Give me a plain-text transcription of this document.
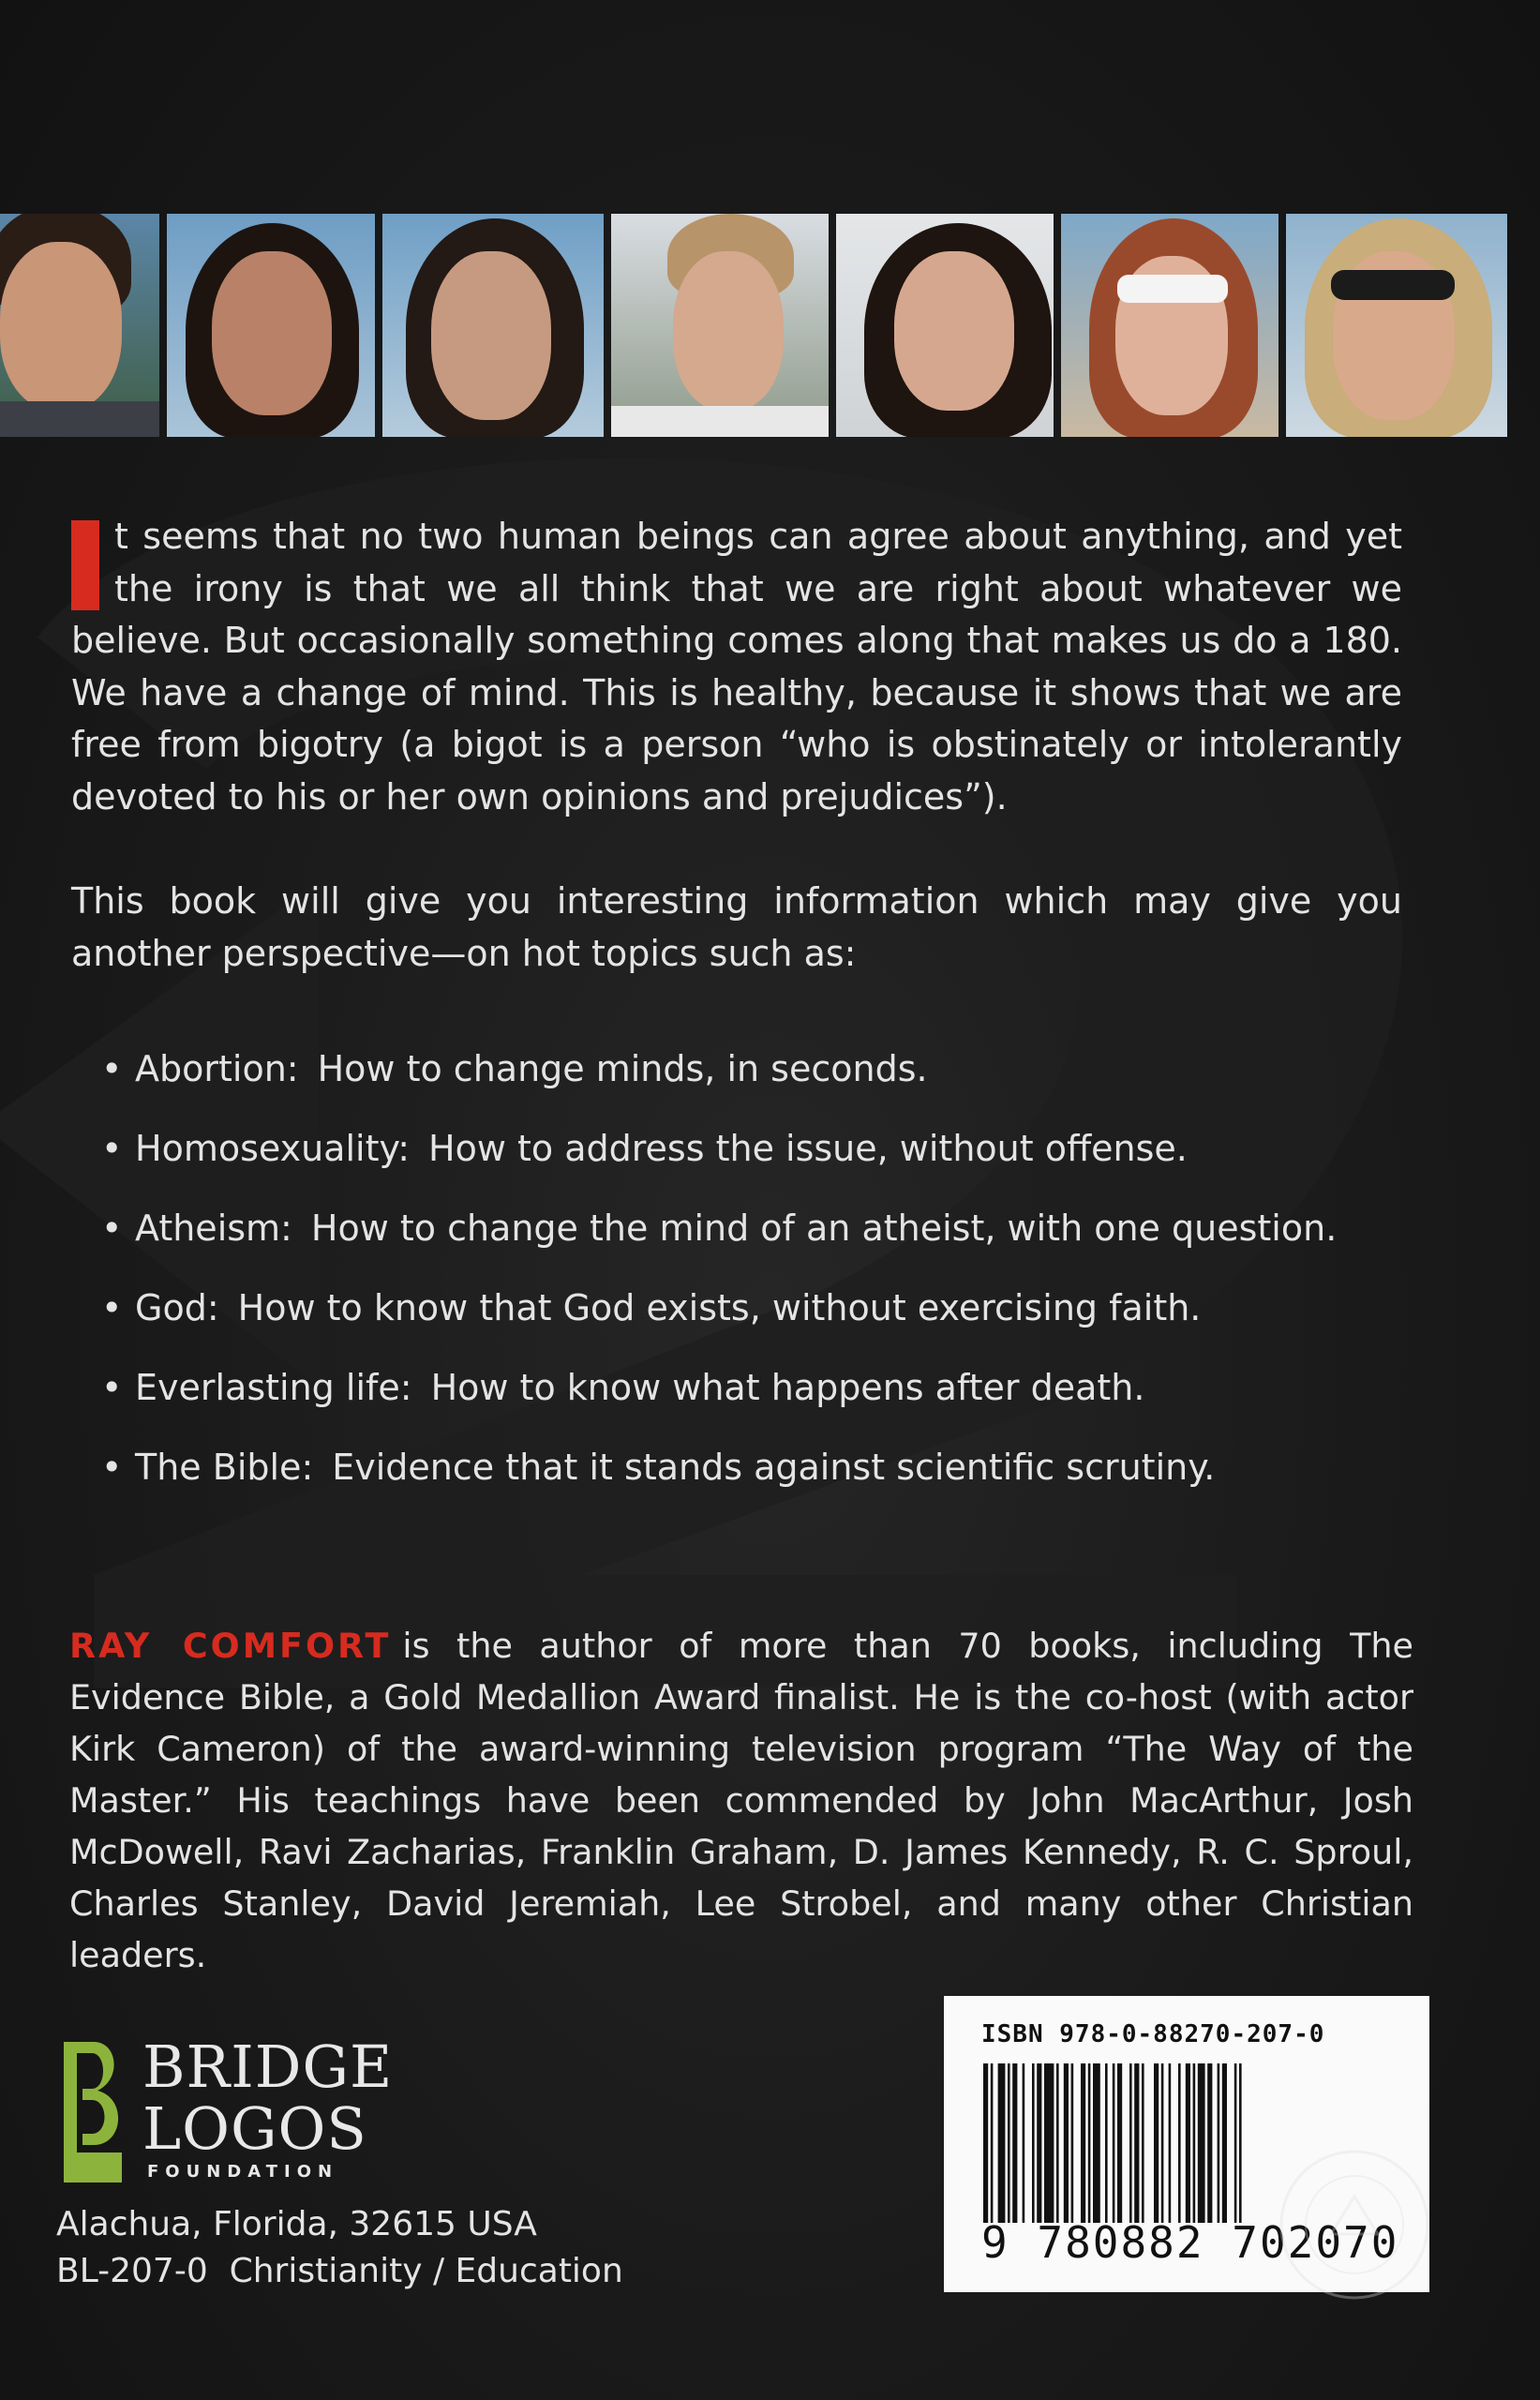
t seems that no two human beings can agree about anything, and yet the irony is that we all think that we are right about whatever we believe. But occasionally something comes along that makes us do a 180. We have a change of mind. This is healthy, because it shows that we are free from bigotry (a bigot is a person “who is obstinately or intolerantly devoted to his or her own opinions and prejudices”).

This book will give you interesting information which may give you another perspective—on hot topics such as:

• Abortion: How to change minds, in seconds.
• Homosexuality: How to address the issue, without offense.
• Atheism: How to change the mind of an atheist, with one question.
• God: How to know that God exists, without exercising faith.
• Everlasting life: How to know what happens after death.
• The Bible: Evidence that it stands against scientific scrutiny.
RAY COMFORT is the author of more than 70 books, including The Evidence Bible, a Gold Medallion Award finalist. He is the co-host (with actor Kirk Cameron) of the award-winning television program “The Way of the Master.” His teachings have been commended by John MacArthur, Josh McDowell, Ravi Zacharias, Franklin Graham, D. James Kennedy, R. C. Sproul, Charles Stanley, David Jeremiah, Lee Strobel, and many other Christian leaders.
BRIDGE
LOGOS
FOUNDATION
Alachua, Florida, 32615 USA
BL-207-0  Christianity / Education
ISBN 978-0-88270-207-0
9 780882 702070
